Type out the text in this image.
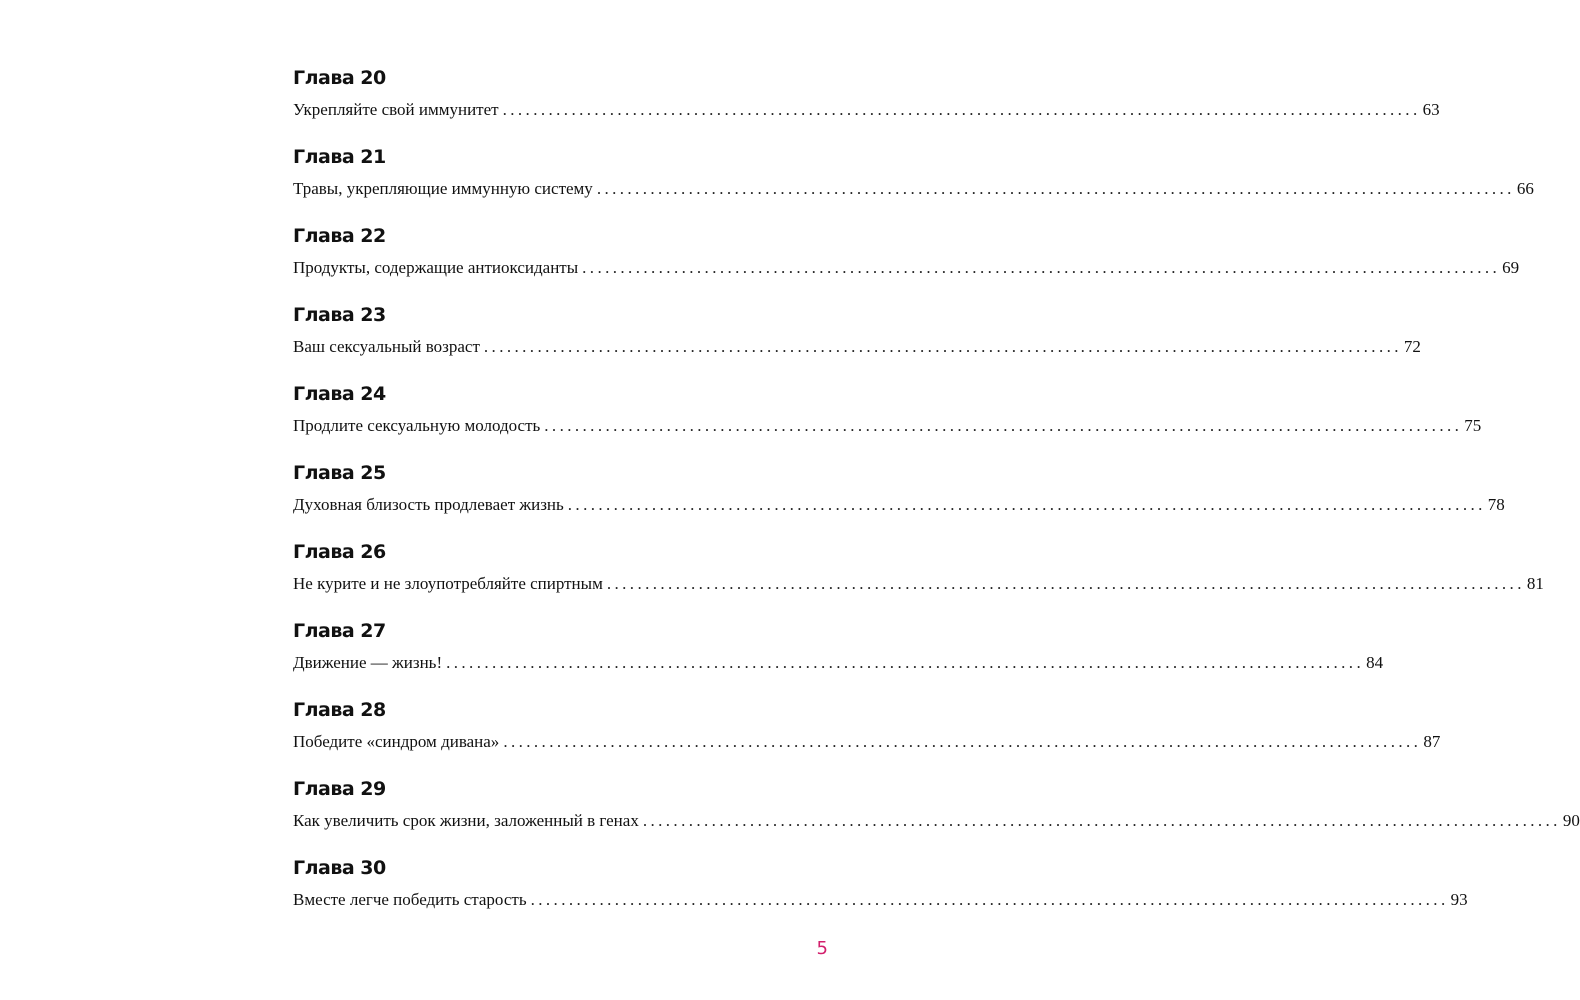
Глава 20
Укрепляйте свой иммунитет ........................................................................................................................ 63
Глава 21
Травы, укрепляющие иммунную систему ........................................................................................................................ 66
Глава 22
Продукты, содержащие антиоксиданты ........................................................................................................................ 69
Глава 23
Ваш сексуальный возраст ........................................................................................................................ 72
Глава 24
Продлите сексуальную молодость ........................................................................................................................ 75
Глава 25
Духовная близость продлевает жизнь ........................................................................................................................ 78
Глава 26
Не курите и не злоупотребляйте спиртным ........................................................................................................................ 81
Глава 27
Движение — жизнь! ........................................................................................................................ 84
Глава 28
Победите «синдром дивана» ........................................................................................................................ 87
Глава 29
Как увеличить срок жизни, заложенный в генах ........................................................................................................................ 90
Глава 30
Вместе легче победить старость ........................................................................................................................ 93
5
